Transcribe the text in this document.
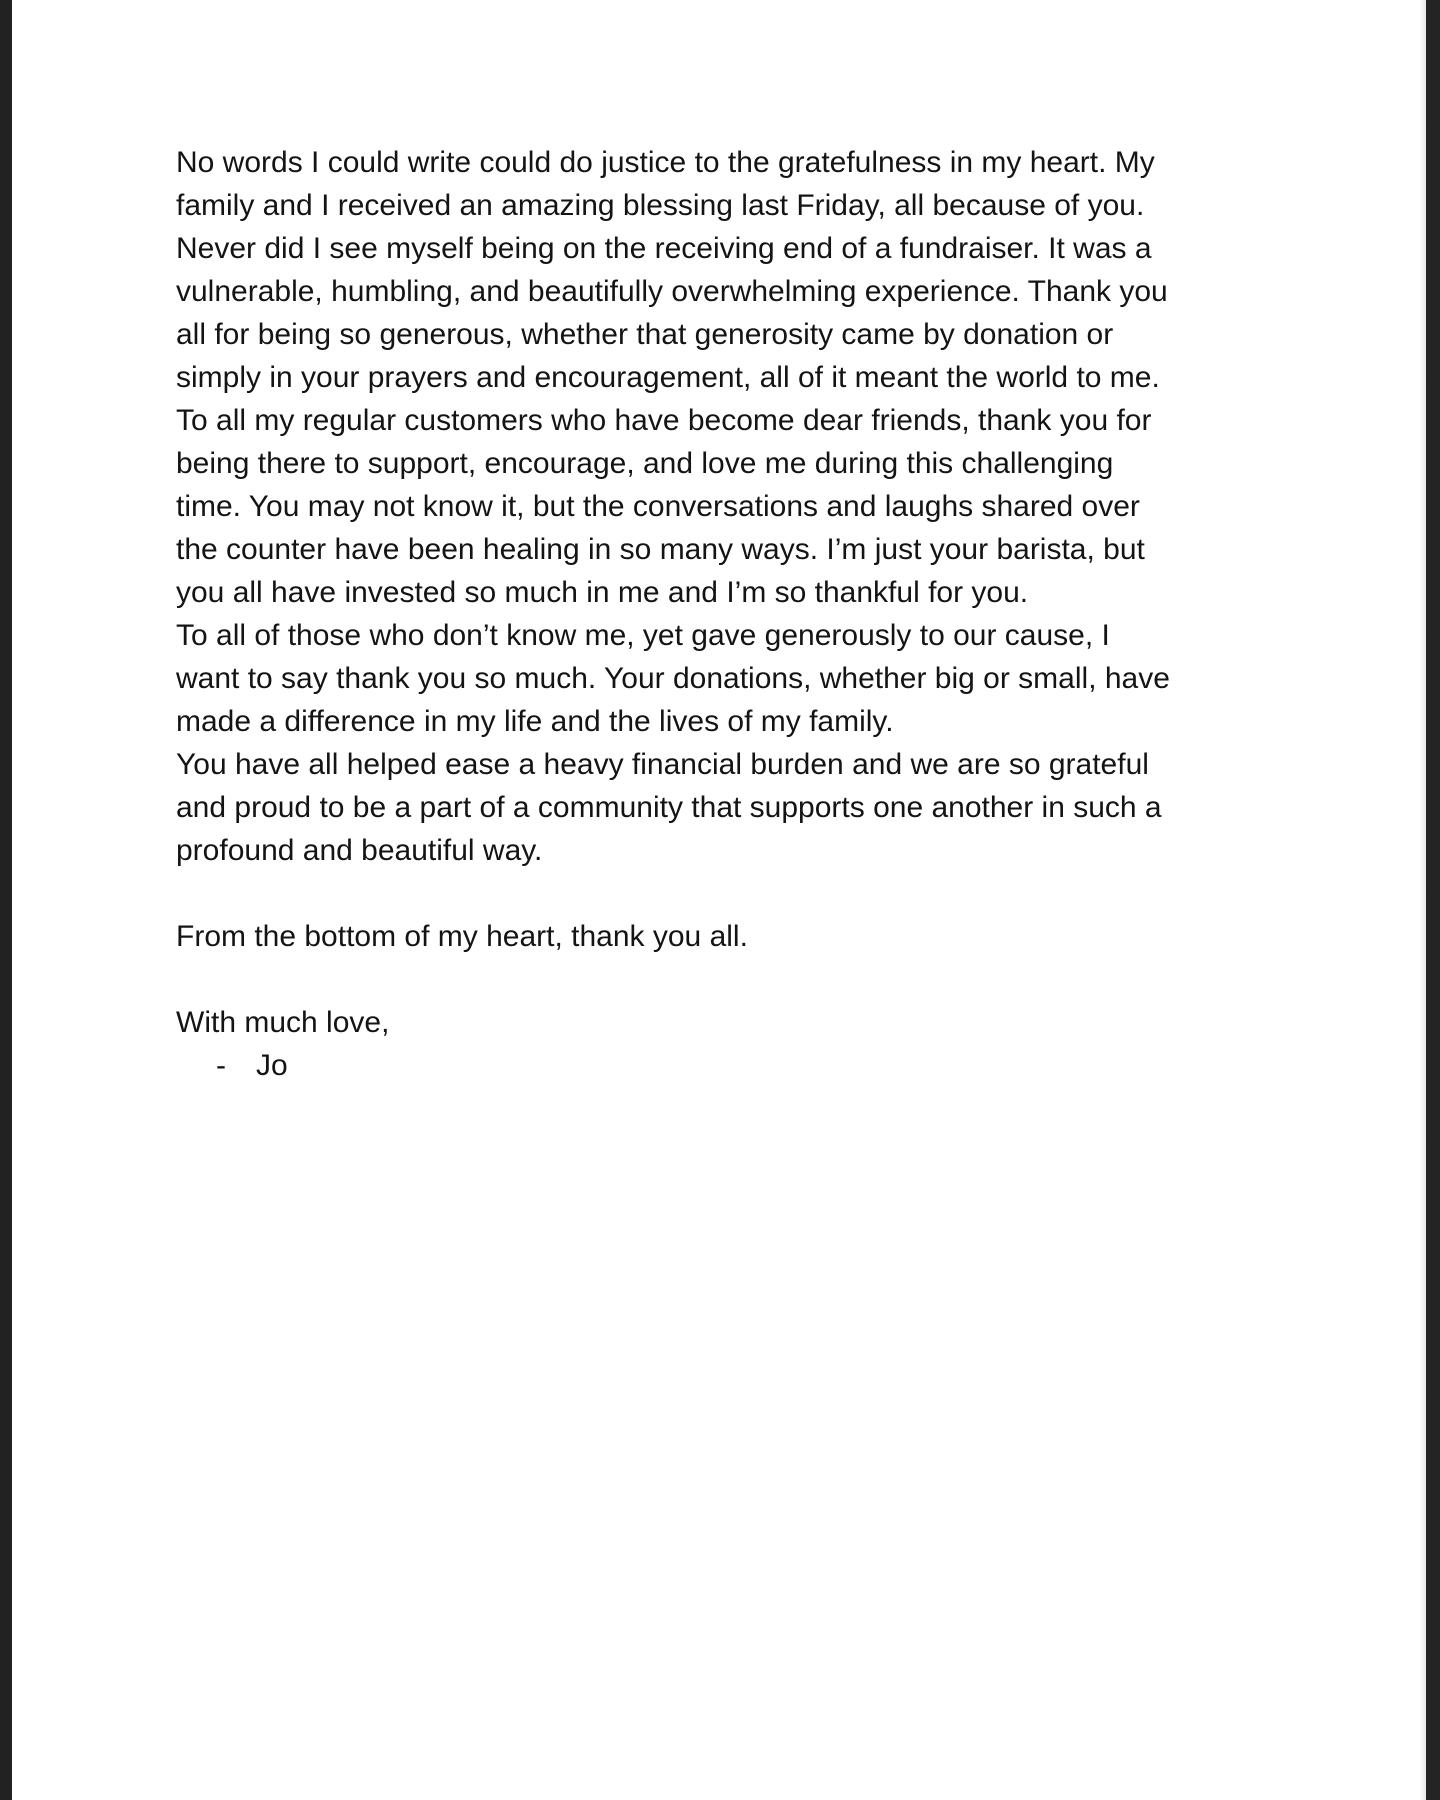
No words I could write could do justice to the gratefulness in my heart. My
family and I received an amazing blessing last Friday, all because of you.
Never did I see myself being on the receiving end of a fundraiser. It was a
vulnerable, humbling, and beautifully overwhelming experience. Thank you
all for being so generous, whether that generosity came by donation or
simply in your prayers and encouragement, all of it meant the world to me.
To all my regular customers who have become dear friends, thank you for
being there to support, encourage, and love me during this challenging
time. You may not know it, but the conversations and laughs shared over
the counter have been healing in so many ways. I’m just your barista, but
you all have invested so much in me and I’m so thankful for you.
To all of those who don’t know me, yet gave generously to our cause, I
want to say thank you so much. Your donations, whether big or small, have
made a difference in my life and the lives of my family.
You have all helped ease a heavy financial burden and we are so grateful
and proud to be a part of a community that supports one another in such a
profound and beautiful way.
From the bottom of my heart, thank you all.
With much love,
- Jo
